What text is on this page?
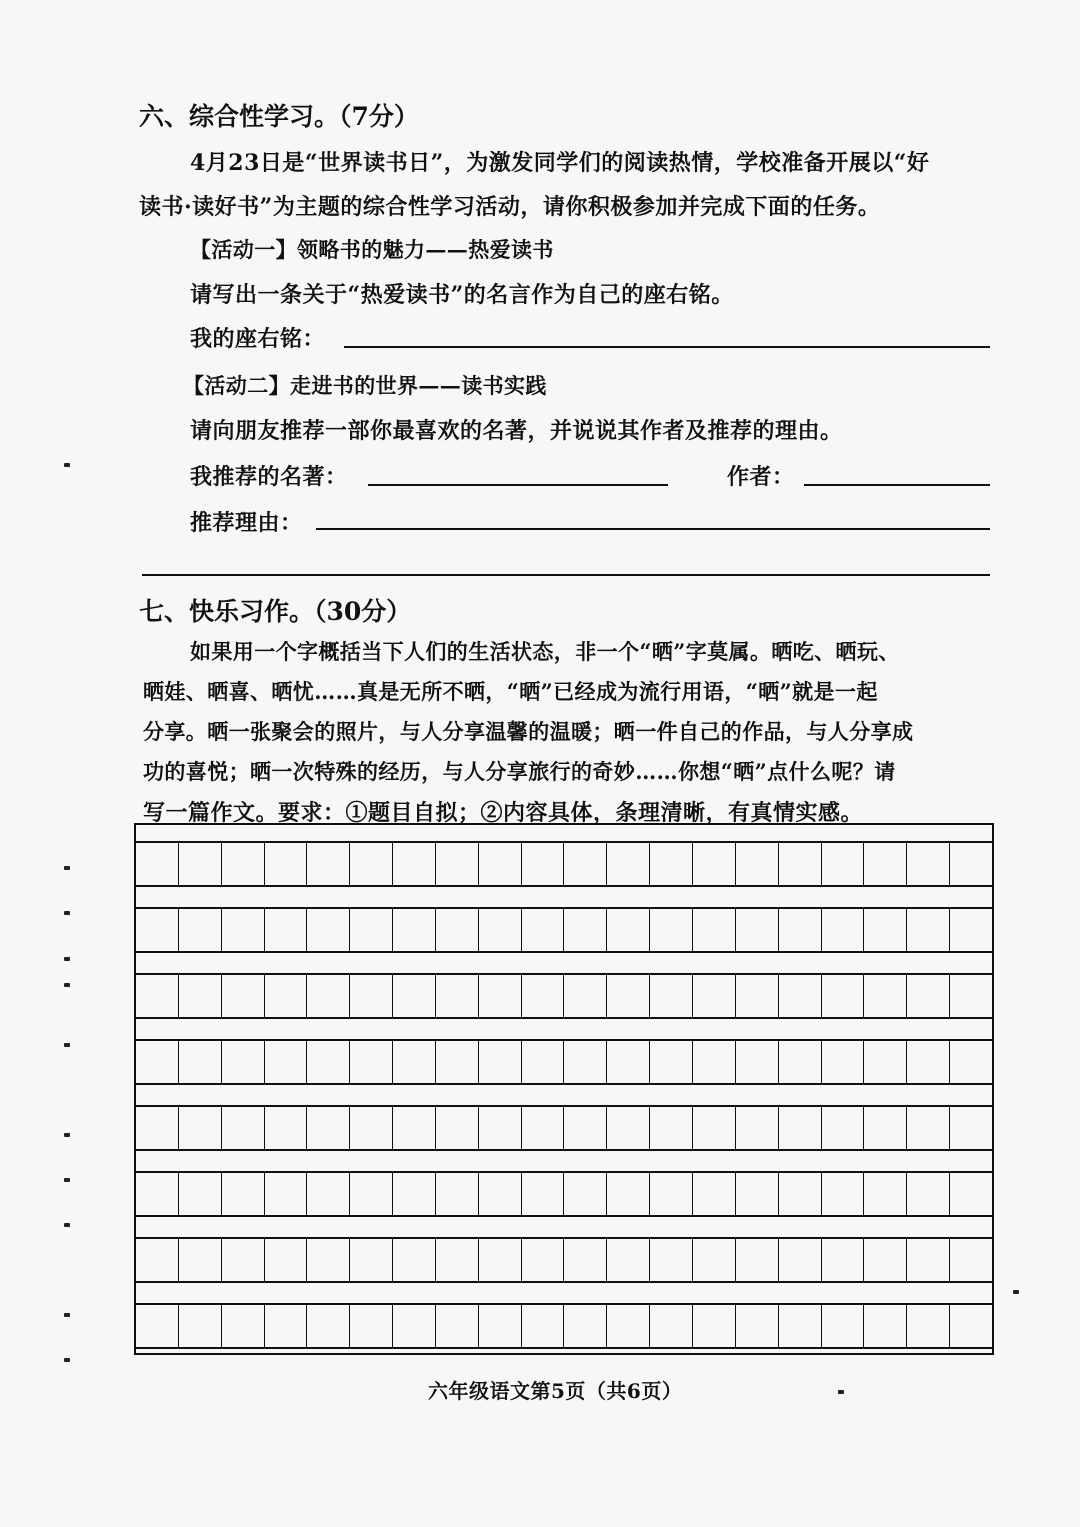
六、综合性学习。（7分）
4月23日是“世界读书日”，为激发同学们的阅读热情，学校准备开展以“好
读书·读好书”为主题的综合性学习活动，请你积极参加并完成下面的任务。
【活动一】领略书的魅力——热爱读书
请写出一条关于“热爱读书”的名言作为自己的座右铭。
我的座右铭：
【活动二】走进书的世界——读书实践
请向朋友推荐一部你最喜欢的名著，并说说其作者及推荐的理由。
我推荐的名著：	作者：
推荐理由：
七、快乐习作。（30分）
如果用一个字概括当下人们的生活状态，非一个“晒”字莫属。晒吃、晒玩、
晒娃、晒喜、晒忧……真是无所不晒，“晒”已经成为流行用语，“晒”就是一起
分享。晒一张聚会的照片，与人分享温馨的温暖；晒一件自己的作品，与人分享成
功的喜悦；晒一次特殊的经历，与人分享旅行的奇妙……你想“晒”点什么呢？请
写一篇作文。要求：①题目自拟；②内容具体，条理清晰，有真情实感。
六年级语文第5页（共6页）
